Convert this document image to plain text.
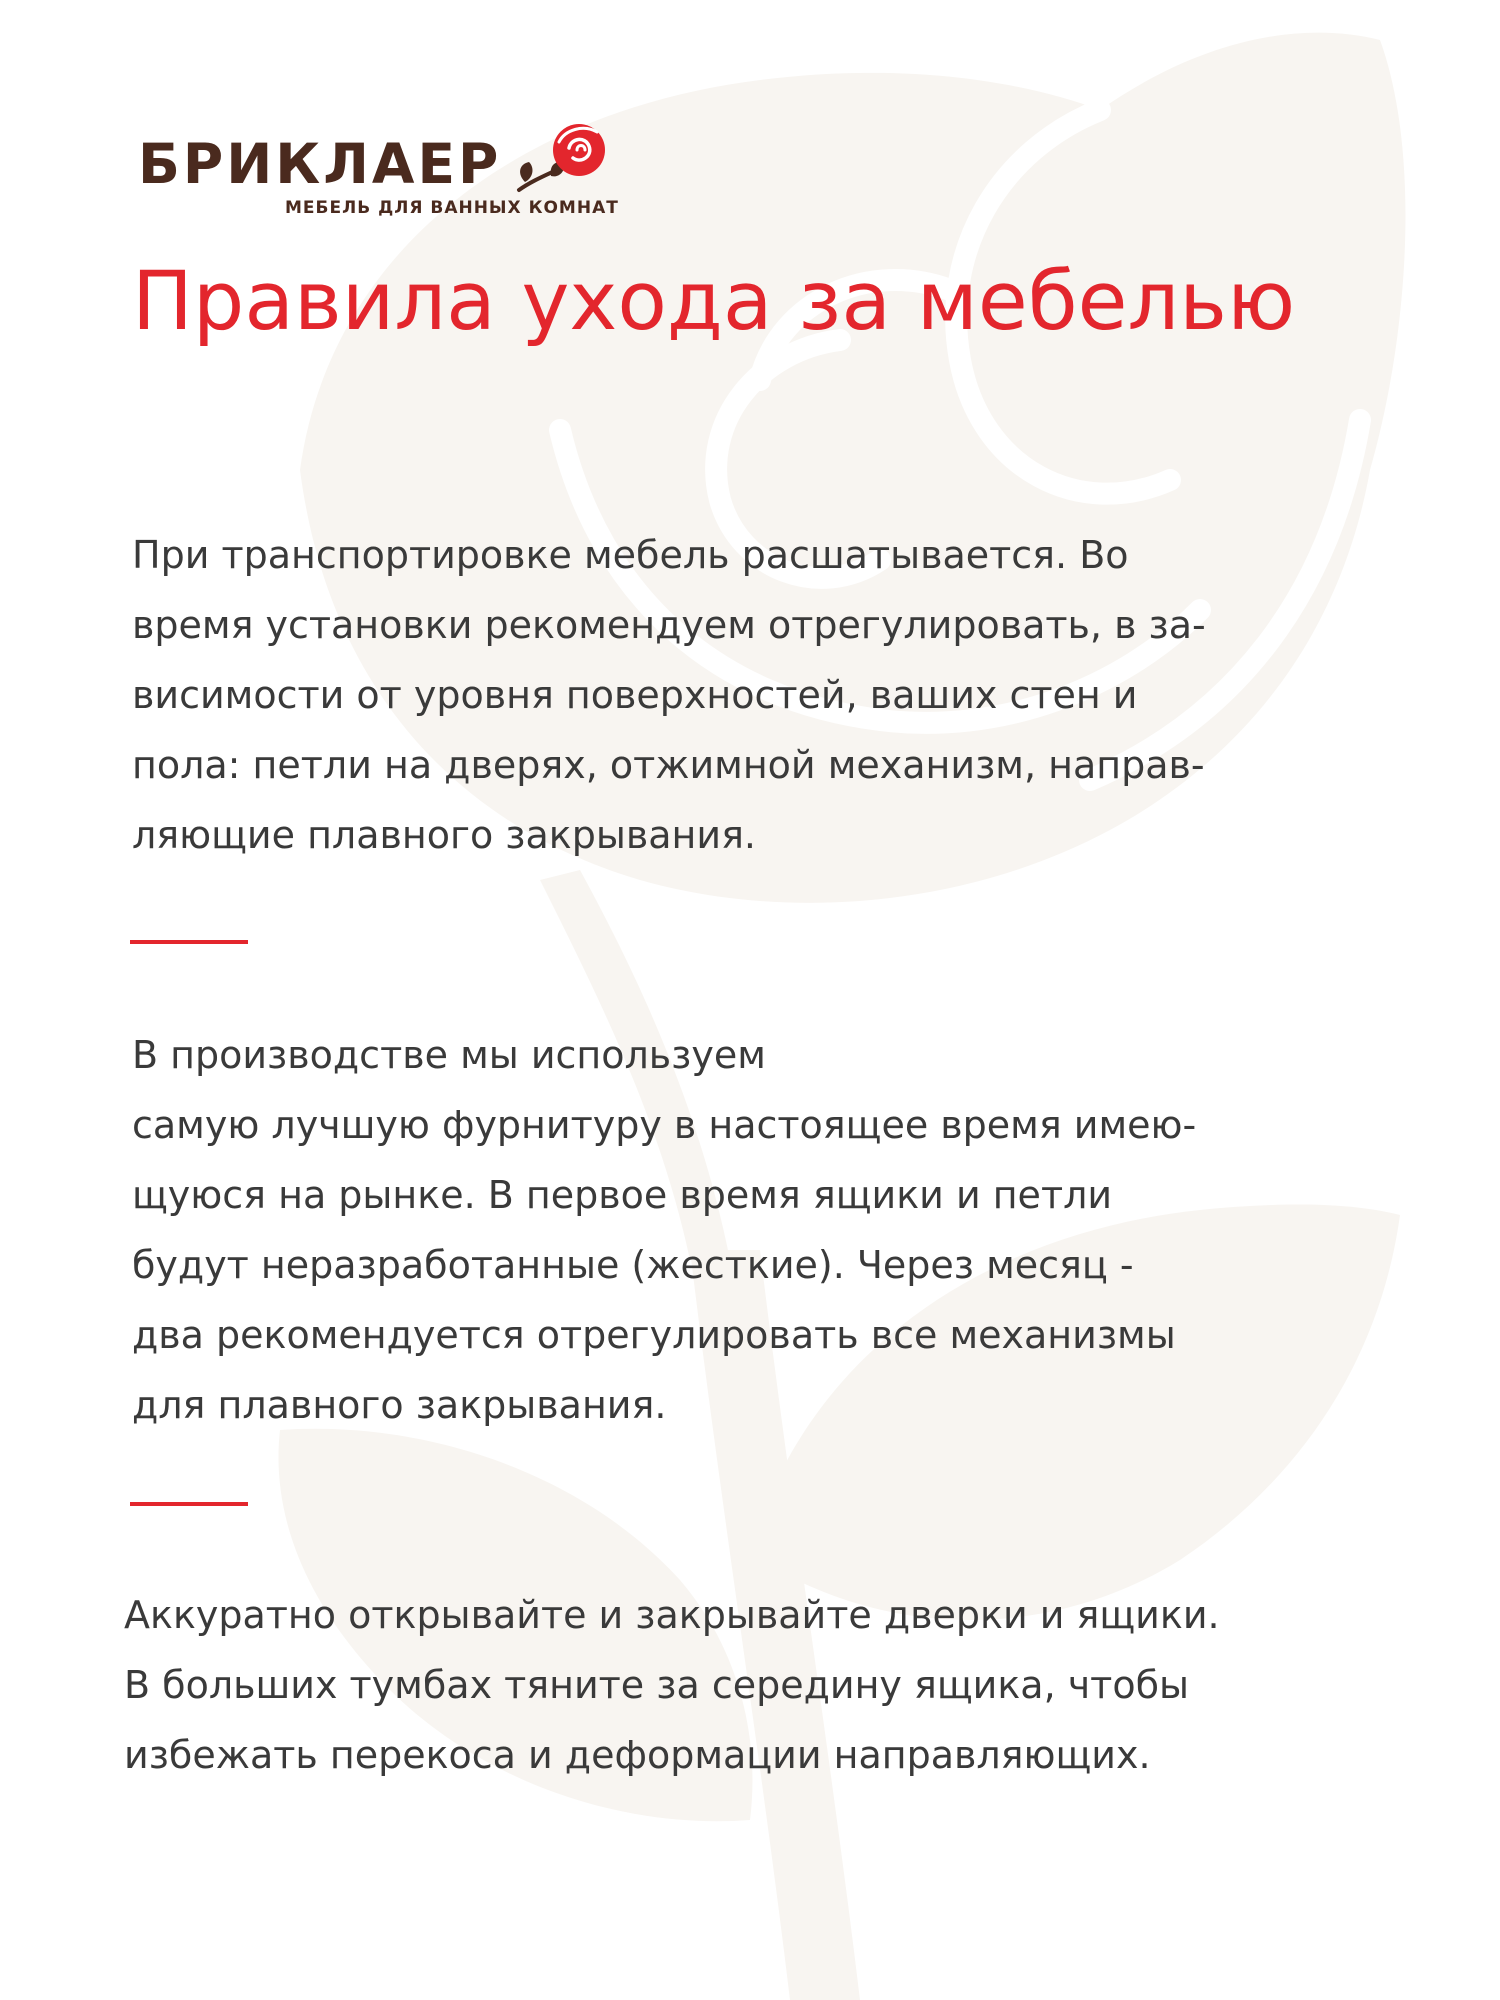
БРИКЛАЕР
МЕБЕЛЬ ДЛЯ ВАННЫХ КОМНАТ
Правила ухода за мебелью

При транспортировке мебель расшатывается. Во
время установки рекомендуем отрегулировать, в за-
висимости от уровня поверхностей, ваших стен и
пола: петли на дверях, отжимной механизм, направ-
ляющие плавного закрывания.

В производстве мы используем
самую лучшую фурнитуру в настоящее время имею-
щуюся на рынке. В первое время ящики и петли
будут неразработанные (жесткие). Через месяц -
два рекомендуется отрегулировать все механизмы
для плавного закрывания.

Аккуратно открывайте и закрывайте дверки и ящики.
В больших тумбах тяните за середину ящика, чтобы
избежать перекоса и деформации направляющих.
